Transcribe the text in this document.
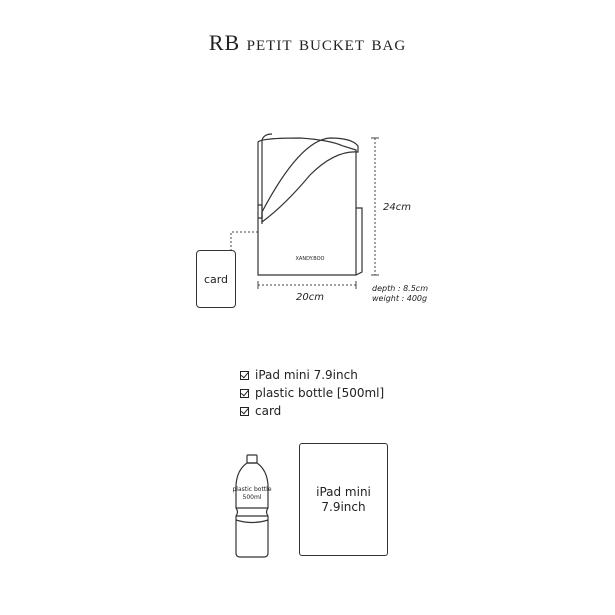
RB petit bucket bag
XANDY.BOO
24cm
20cm
depth : 8.5cm
weight : 400g
plastic bottle
500ml
card
iPad mini 7.9inch
plastic bottle [500ml]
card
iPad mini
7.9inch
